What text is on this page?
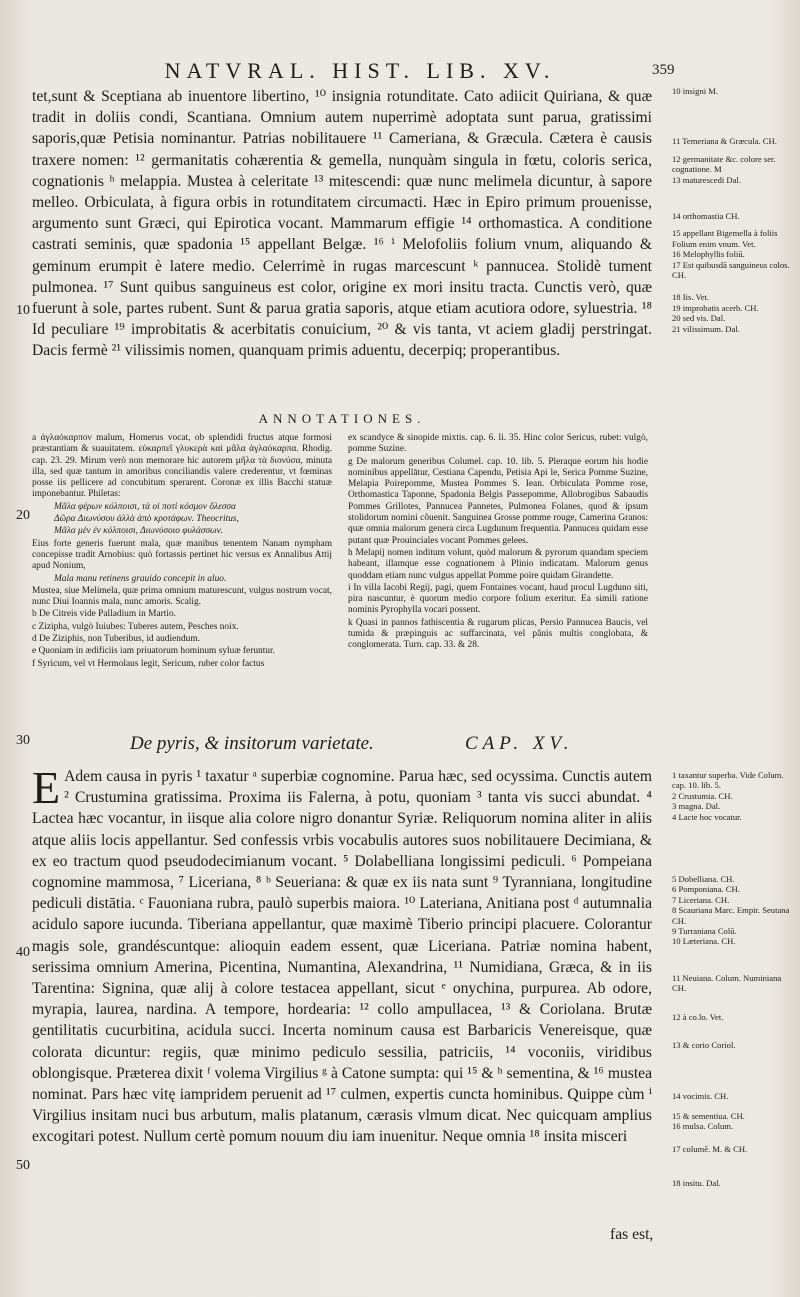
NATVRAL. HIST. LIB. XV.	359
10
20
30
40
50

tet,sunt & Sceptiana ab inuentore libertino, ¹⁰ insignia rotunditate. Cato adiicit Quiriana, & quæ tradit in doliis condi, Scantiana. Omnium autem nuperrimè adoptata sunt parua, gratissimi saporis,quæ Petisia nominantur. Patrias nobilitauere ¹¹ Cameriana, & Græcula. Cætera è causis traxere nomen: ¹² germanitatis cohærentia & gemella, nunquàm singula in fœtu, coloris serica, cognationis ʰ melappia. Mustea à celeritate ¹³ mitescendi: quæ nunc melimela dicuntur, à sapore melleo. Orbiculata, à figura orbis in rotunditatem circumacti. Hæc in Epiro primum prouenisse, argumento sunt Græci, qui Epirotica vocant. Mammarum effigie ¹⁴ orthomastica. A conditione castrati seminis, quæ spadonia ¹⁵ appellant Belgæ. ¹⁶ ⁱ Melofoliis folium vnum, aliquando & geminum erumpit è latere medio. Celerrimè in rugas marcescunt ᵏ pannucea. Stolidè tument pulmonea. ¹⁷ Sunt quibus sanguineus est color, origine ex mori insitu tracta. Cunctis verò, quæ fuerunt à sole, partes rubent. Sunt & parua gratia saporis, atque etiam acutiora odore, syluestria. ¹⁸ Id peculiare ¹⁹ improbitatis & acerbitatis conuicium, ²⁰ & vis tanta, vt aciem gladij perstringat. Dacis fermè ²¹ vilissimis nomen, quanquam primis aduentu, decerpiq; properantibus.

10 insigni M.
11 Temeriana & Græcula. CH.
12 germanitate &c. colore ser. cognatione. M
13 maturescedi Dal.
14 orthomastia CH.
15 appellant Bigemella à foliis Folium enim vnum. Vet.
16 Melophyllis foliū.
17 Est quibusdā sanguineus colos. CH.
18 Iis. Vet.
19 improbatis acerb. CH.
20 sed vis. Dal.
21 vilissimum. Dal.
ANNOTATIONES.

a ἀγλαόκαρπον malum, Homerus vocat, ob splendidi fructus atque formosi præstantiam & suauitatem. εὐκαρπεῖ γλυκερὰ καὶ μᾶλα ἀγλαόκαρπα. Rhodig. cap. 23. 29. Mirum verò non memorare hic autorem μῆλα τὰ διονύσα, minuta illa, sed quæ tantum in amoribus conciliandis valere crederentur, vt fœminas posse iis pellicere ad concubitum sperarent. Coronæ ex illis Bacchi statuæ imponebantur. Philetas:

Μᾶλα φέρων κόλποισι, τά οἱ ποτὶ κόσμον ὄλεσσα

Δῶρα Διωνύσου ἀλλὰ ἀπὸ κροτάφων. Theocritus,

Μᾶλα μὲν ἐν κόλποισι, Διωνύσοιο φυλάσσων.

Eius forte generis fuerunt mala, quæ manibus tenentem Nanam nympham concepisse tradit Arnobius: quò fortassis pertinet hic versus ex Annalibus Attij apud Nonium,

Mala manu retinens grauido concepit in aluo.

Mustea, siue Melimela, quæ prima omnium maturescunt, vulgus nostrum vocat, nunc Diui Ioannis mala, nunc amoris. Scalig.

b De Citreis vide Palladium in Martio.

c Ziziphа, vulgò Iuiubes: Tuberes autem, Pesches noix.

d De Ziziphis, non Tuberibus, id audiendum.

e Quoniam in ædificiis iam priuatorum hominum syluæ feruntur.

f Syricum, vel vt Hermolaus legit, Sericum, ruber color factus

ex scandyce & sinopide mixtis. cap. 6. li. 35. Hinc color Sericus, rubet: vulgò, pomme Suzine.

g De malorum generibus Columel. cap. 10. lib. 5. Pleraque eorum his hodie nominibus appellātur, Cestiana Capendu, Petisia Api le, Serica Pomme Suzine, Melapia Poirepomme, Mustea Pommes S. Iean. Orbiculata Pomme rose, Orthomastica Taponne, Spadonia Belgis Passepomme, Allobrogibus Sabaudis Pommes Grillotes, Pannucea Pannetes, Pulmonea Folanes, quod & ipsum stolidorum nomini côuenit. Sanguinea Grosse pomme rouge, Camerina Granos: quæ omnia malorum genera circa Lugdunum frequentia. Pannucea quidam esse putant quæ Prouinciales vocant Pommes gelees.

h Melapij nomen inditum volunt, quòd malorum & pyrorum quandam speciem habeant, illamque esse cognationem à Plinio indicatam. Malorum genus quoddam etiam nunc vulgus appellat Pomme poire quidam Girandette.

i In villa Iacobi Regij, pagi, quem Fontaines vocant, haud procul Lugduno siti, pira nascuntur, è quorum medio corpore folium exeritur. Ea simili ratione nominis Pyrophylla vocari possent.

k Quasi in pannos fathiscentia & rugarum plicas, Persio Pannucea Baucis, vel tumida & præpinguis ac suffarcinata, vel pânis multis conglobata, & conglomerata. Turn. cap. 33. & 28.

De pyris, & insitorum varietate.	CAP. XV.

E Adem causa in pyris ¹ taxatur ᵃ superbiæ cognomine. Parua hæc, sed ocyssima. Cunctis autem ² Crustumina gratissima. Proxima iis Falerna, à potu, quoniam ³ tanta vis succi abundat. ⁴ Lactea hæc vocantur, in iisque alia colore nigro donantur Syriæ. Reliquorum nomina aliter in aliis atque aliis locis appellantur. Sed confessis vrbis vocabulis autores suos nobilitauere Decimiana, & ex eo tractum quod pseudodecimianum vocant. ⁵ Dolabelliana longissimi pediculi. ⁶ Pompeiana cognomine mammosa, ⁷ Liceriana, ⁸ ᵇ Seueriana: & quæ ex iis nata sunt ⁹ Tyranniana, longitudine pediculi distātia. ᶜ Fauoniana rubra, paulò superbis maiora. ¹⁰ Lateriana, Anitiana post ᵈ autumnalia acidulo sapore iucunda. Tiberiana appellantur, quæ maximè Tiberio principi placuere. Colorantur magis sole, grandéscuntque: alioquin eadem essent, quæ Liceriana. Patriæ nomina habent, serissima omnium Amerina, Picentina, Numantina, Alexandrina, ¹¹ Numidiana, Græca, & in iis Tarentina: Signina, quæ alij à colore testacea appellant, sicut ᵉ onychina, purpurea. Ab odore, myrapia, laurea, nardina. A tempore, hordearia: ¹² collo ampullacea, ¹³ & Coriolana. Brutæ gentilitatis cucurbitina, acidula succi. Incerta nominum causa est Barbaricis Venereisque, quæ colorata dicuntur: regiis, quæ minimo pediculo sessilia, patriciis, ¹⁴ voconiis, viridibus oblongisque. Præterea dixit ᶠ volema Virgilius ᵍ à Catone sumpta: qui ¹⁵ & ʰ sementina, & ¹⁶ mustea nominat. Pars hæc vitę iampridem peruenit ad ¹⁷ culmen, expertis cuncta hominibus. Quippe cùm ⁱ Virgilius insitam nuci bus arbutum, malis platanum, cærasis vlmum dicat. Nec quicquam amplius excogitari potest. Nullum certè pomum nouum diu iam inuenitur. Neque omnia ¹⁸ insita misceri

fas est,
1 taxantur superba. Vide Colum. cap. 10. lib. 5.
2 Crustumia. CH.
3 magna. Dal.
4 Lacte hoc vocatur.
5 Dobelliana. CH.
6 Pomponiana. CH.
7 Liceriana. CH.
8 Scauriana Marc. Empir. Seutana CH.
9 Turraniana Colū.
10 Læteriana. CH.
11 Neuiana. Colum. Numiniana CH.
12 à co.lo. Vet.
13 & corio Coriol.
14 vocimis. CH.
15 & sementiua. CH.
16 mulsa. Colum.
17 columē. M. & CH.
18 insitu. Dal.
